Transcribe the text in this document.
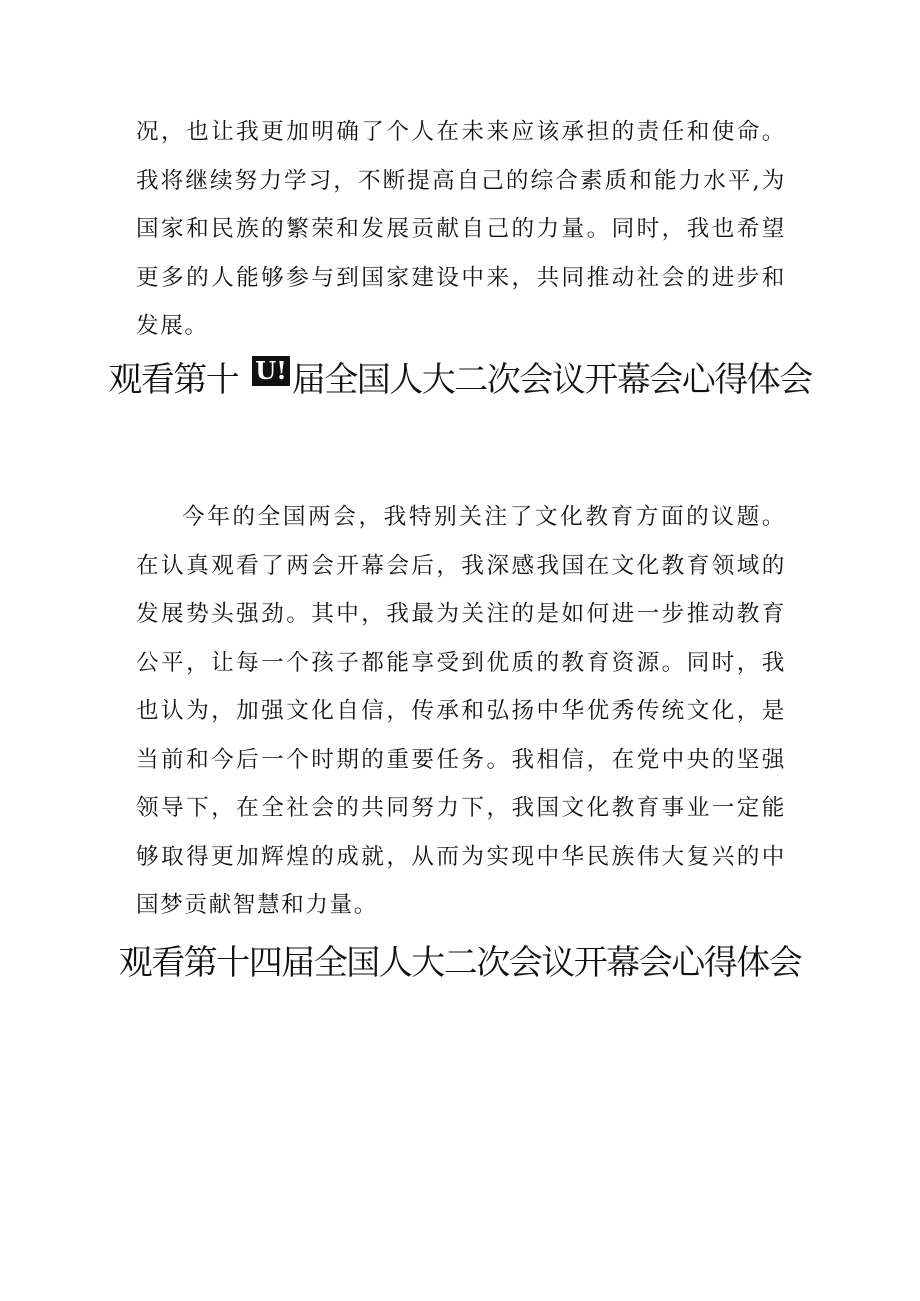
况，也让我更加明确了个人在未来应该承担的责任和使命。我将继续努力学习，不断提高自己的综合素质和能力水平,为国家和民族的繁荣和发展贡献自己的力量。同时，我也希望更多的人能够参与到国家建设中来，共同推动社会的进步和发展。

观看第十 U! 届全国人大二次会议开幕会心得体会

今年的全国两会，我特别关注了文化教育方面的议题。在认真观看了两会开幕会后，我深感我国在文化教育领域的发展势头强劲。其中，我最为关注的是如何进一步推动教育公平，让每一个孩子都能享受到优质的教育资源。同时，我也认为，加强文化自信，传承和弘扬中华优秀传统文化，是当前和今后一个时期的重要任务。我相信，在党中央的坚强领导下，在全社会的共同努力下，我国文化教育事业一定能够取得更加辉煌的成就，从而为实现中华民族伟大复兴的中国梦贡献智慧和力量。

观看第十四届全国人大二次会议开幕会心得体会
